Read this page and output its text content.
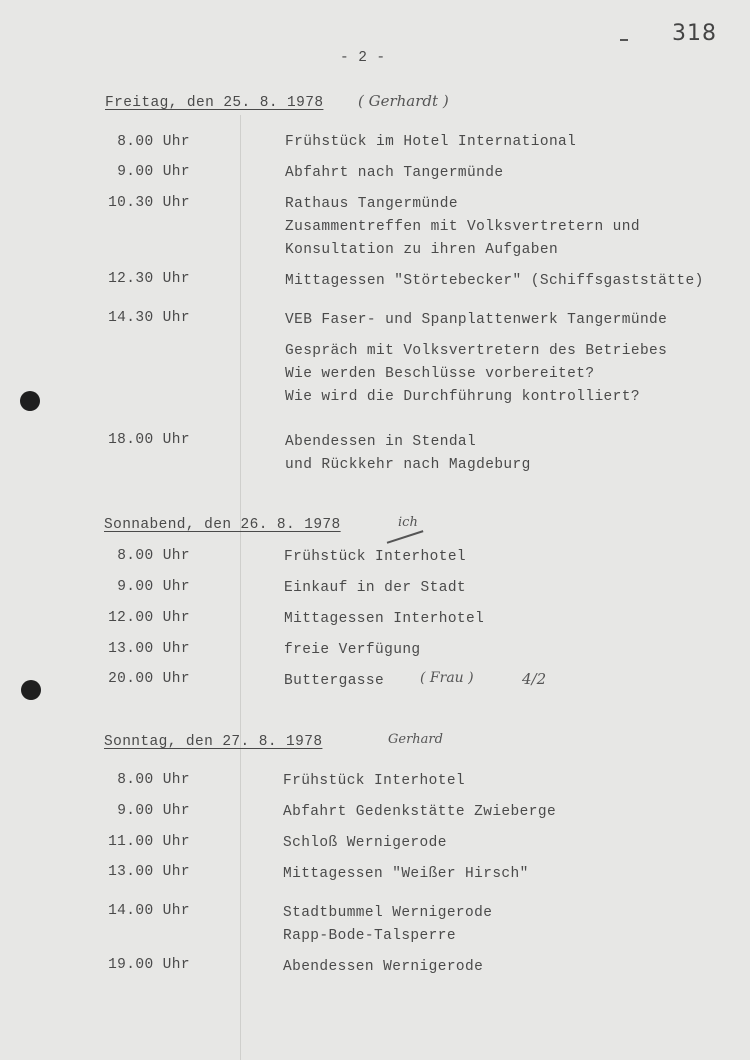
318
- 2 -
Freitag, den 25. 8. 1978 ( Gerhardt )
8.00 Uhr	Frühstück im Hotel International
9.00 Uhr	Abfahrt nach Tangermünde
10.30 Uhr	Rathaus Tangermünde
Zusammentreffen mit Volksvertretern und
Konsultation zu ihren Aufgaben
12.30 Uhr	Mittagessen "Störtebecker" (Schiffsgaststätte)
14.30 Uhr	VEB Faser- und Spanplattenwerk Tangermünde
Gespräch mit Volksvertretern des Betriebes
Wie werden Beschlüsse vorbereitet?
Wie wird die Durchführung kontrolliert?
18.00 Uhr	Abendessen in Stendal
und Rückkehr nach Magdeburg
Sonnabend, den 26. 8. 1978	ich
8.00 Uhr	Frühstück Interhotel
9.00 Uhr	Einkauf in der Stadt
12.00 Uhr	Mittagessen Interhotel
13.00 Uhr	freie Verfügung
20.00 Uhr	Buttergasse	( Frau )	4/2
Sonntag, den 27. 8. 1978	Gerhard
8.00 Uhr	Frühstück Interhotel
9.00 Uhr	Abfahrt Gedenkstätte Zwieberge
11.00 Uhr	Schloß Wernigerode
13.00 Uhr	Mittagessen "Weißer Hirsch"
14.00 Uhr	Stadtbummel Wernigerode
Rapp-Bode-Talsperre
19.00 Uhr	Abendessen Wernigerode
